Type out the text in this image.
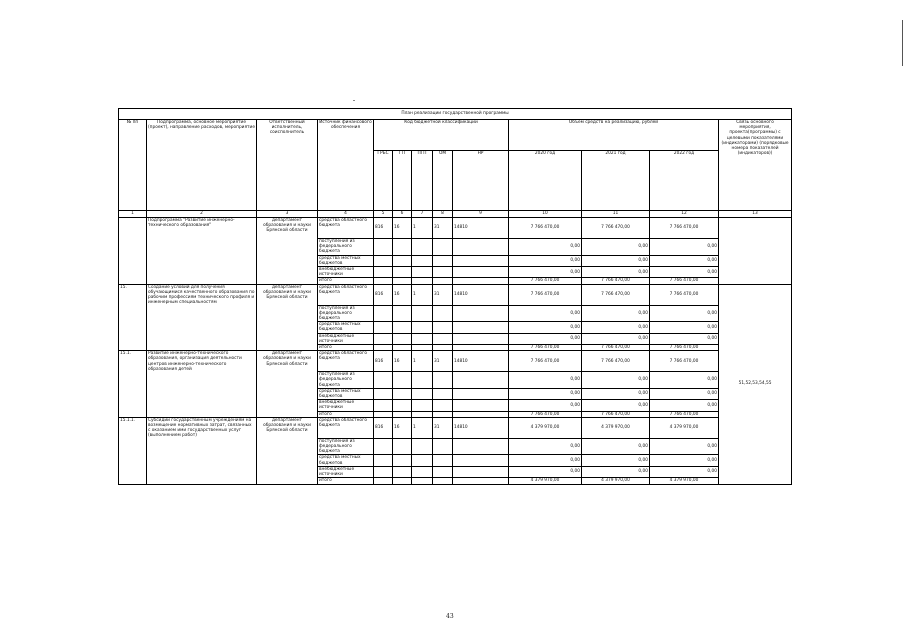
План реализации государственной программы												
№ пп	Подпрограмма, основное мероприятие (проект), направление расходов, мероприятие	Ответственный исполнитель, соисполнитель	Источник финансового обеспечения	Код бюджетной классификации					Объём средств на реализацию, рублей			Связь основного мероприятия, проекта(программы) с целевыми показателями (индикаторами) (порядковые номера показателей (индикаторов))
				ГРБС	ГП	ПГП	ОМ	НР	2020 год	2021 год	2022 год	
1	2	3	4	5	6	7	8	9	10	11	12	13
	Подпрограмма "Развитие инженерно-технического образования"	департамент образования и науки Брянской области	средства областного бюджета	816	16	1	31	14810	7 766 470,00	7 766 470,00	7 766 470,00	
			поступления из федерального бюджета						0,00	0,00	0,00	
			средства местных бюджетов						0,00	0,00	0,00	
			внебюджетные источники						0,00	0,00	0,00	
			итого						7 766 470,00	7 766 470,00	7 766 470,00	
15.	Создание условий для получения обучающимися качественного образования по рабочим профессиям технического профиля и инженерным специальностям	департамент образования и науки Брянской области	средства областного бюджета	816	16	1	31	14810	7 766 470,00	7 766 470,00	7 766 470,00	51,52,53,54,55
			поступления из федерального бюджета						0,00	0,00	0,00	
			средства местных бюджетов						0,00	0,00	0,00	
			внебюджетные источники						0,00	0,00	0,00	
			итого						7 766 470,00	7 766 470,00	7 766 470,00	
15.1.	Развитие инженерно-технического образования, организация деятельности центров инженерно-технического образования детей	департамент образования и науки Брянской области	средства областного бюджета	816	16	1	31	14810	7 766 470,00	7 766 470,00	7 766 470,00	
			поступления из федерального бюджета						0,00	0,00	0,00	
			средства местных бюджетов						0,00	0,00	0,00	
			внебюджетные источники						0,00	0,00	0,00	
			итого						7 766 470,00	7 766 470,00	7 766 470,00	
15.1.1.	Субсидии государственным учреждениям на возмещение нормативных затрат, связанных с оказанием ими государственных услуг (выполнением работ)	департамент образования и науки Брянской области	средства областного бюджета	816	16	1	31	14810	4 379 970,00	4 379 970,00	4 379 970,00	
			поступления из федерального бюджета						0,00	0,00	0,00	
			средства местных бюджетов						0,00	0,00	0,00	
			внебюджетные источники						0,00	0,00	0,00	
			итого						4 379 970,00	4 379 970,00	4 379 970,00	
43
